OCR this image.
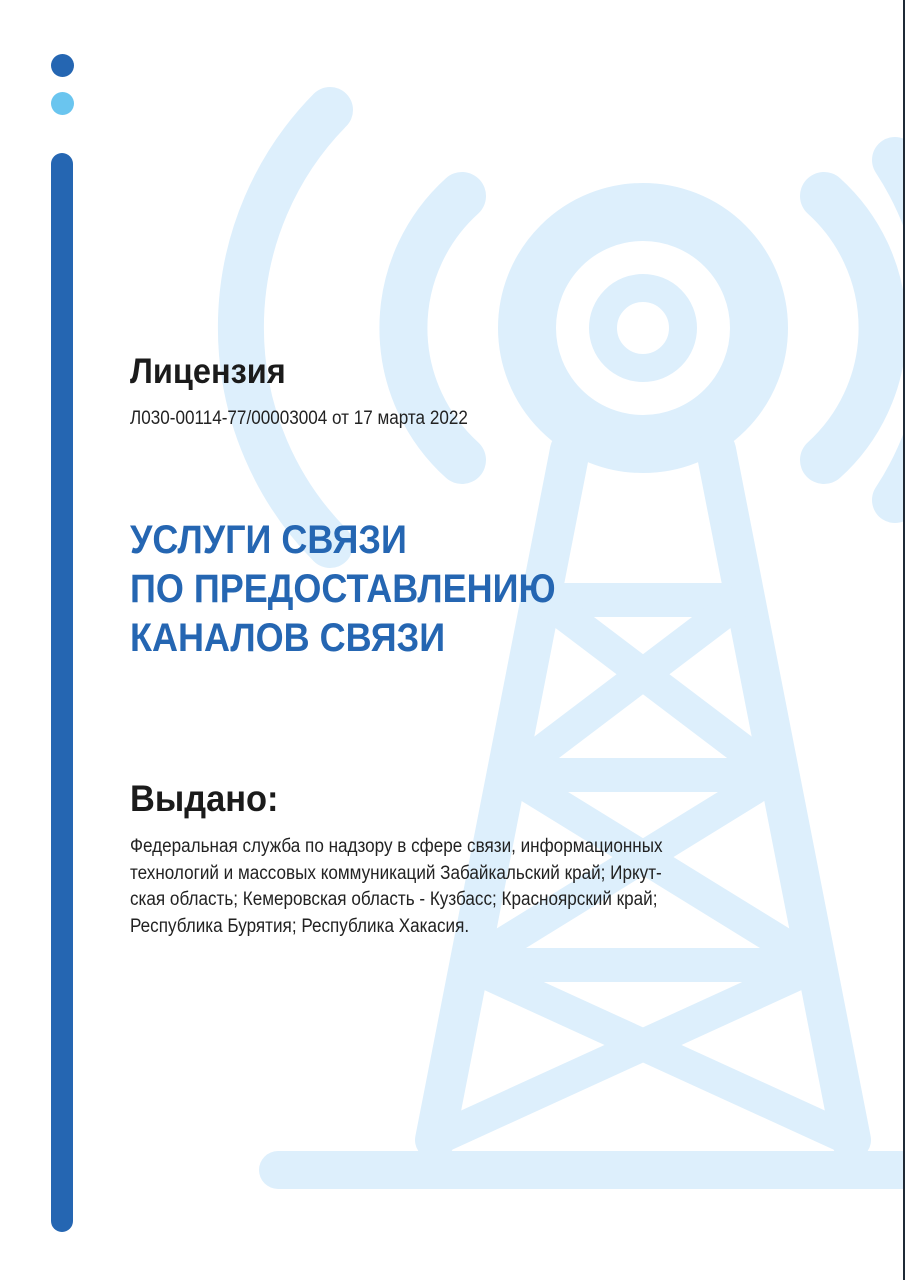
Лицензия

Л030-00114-77/00003004 от 17 марта 2022

УСЛУГИ СВЯЗИ
ПО ПРЕДОСТАВЛЕНИЮ
КАНАЛОВ СВЯЗИ
Выдано:

Федеральная служба по надзору в сфере связи, информационных
технологий и массовых коммуникаций Забайкальский край; Иркут-
ская область; Кемеровская область - Кузбасс; Красноярский край;
Республика Бурятия; Республика Хакасия.
